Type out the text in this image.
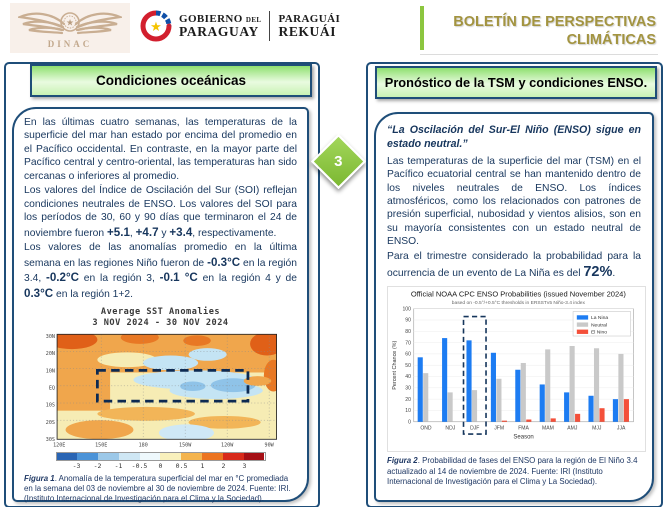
★
DINAC
★
GOBIERNO DEL
PARAGUAY
PARAGUÁI
REKUÁI
BOLETÍN DE PERSPECTIVAS
CLIMÁTICAS
Condiciones oceánicas

En las últimas cuatro semanas, las temperaturas de la superficie del mar han estado por encima del promedio en el Pacífico occidental. En contraste, en la mayor parte del Pacífico central y centro-oriental, las temperaturas han sido cercanas o inferiores al promedio.

Los valores del Índice de Oscilación del Sur (SOI) reflejan condiciones neutrales de ENSO. Los valores del SOI para los períodos de 30, 60 y 90 días que terminaron el 24 de noviembre fueron +5.1, +4.7 y +3.4, respectivamente.

Los valores de las anomalías promedio en la última semana en las regiones Niño fueron de -0.3°C en la región 3.4, -0.2°C en la región 3, -0.1 °C en la región 4 y de 0.3°C en la región 1+2.

Average SST Anomalies
3 NOV 2024 - 30 NOV 2024
30N
20N
10N
EQ
10S
20S
30S
120E	150E	180	150W	120W	90W
-3 -2 -1 -0.5 0 0.5 1	2	3

Figura 1. Anomalía de la temperatura superficial del mar en °C promediada en la semana del 03 de noviembre al 30 de noviembre de 2024. Fuente: IRI. (Instituto Internacional de Investigación para el Clima y la Sociedad).

3
Pronóstico de la TSM y condiciones ENSO.

“La Oscilación del Sur-El Niño (ENSO) sigue en estado neutral.”

Las temperaturas de la superficie del mar (TSM) en el Pacífico ecuatorial central se han mantenido dentro de los niveles neutrales de ENSO. Los índices atmosféricos, como los relacionados con patrones de presión superficial, nubosidad y vientos alisios, son en su mayoría consistentes con un estado neutral de ENSO.

Para el trimestre considerado la probabilidad para la ocurrencia de un evento de La Niña es del 72%.

Official NOAA CPC ENSO Probabilities (issued November 2024)
based on -0.5°/+0.5°C thresholds in ERSSTv5 Niño-3.4 index
0
10
20
30
40
50
60
70
80
90
100
OND	NDJ	DJF	JFM	FMA MAM AMJ	MJJ	JJA
Season
Percent Chance (%)
La Nina
Neutral
El Nino

Figura 2. Probabilidad de fases del ENSO para la región de El Niño 3.4 actualizado al 14 de noviembre de 2024. Fuente: IRI (Instituto Internacional de Investigación para el Clima y La Sociedad).
